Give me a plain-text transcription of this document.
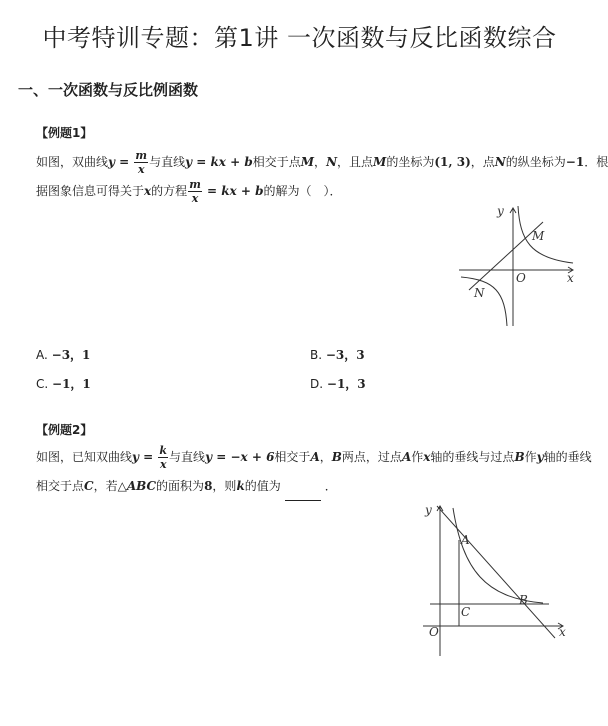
中考特训专题：第1讲 一次函数与反比函数综合
一、一次函数与反比例函数
【例题1】
如图，双曲线$y = \frac{m}{x}$ 与直线y = kx + b相交于点M，N，且点M的坐标为(1, 3)，点N的纵坐标为−1．根
据图象信息可得关于x的方程 $\frac{m}{x}$ = kx + b的解为（　）．
y
x
O
M
N
A. −3，1	B. −3，3
C. −1，1	D. −1，3
【例题2】
如图，已知双曲线$y = \frac{k}{x}$ 与直线y = −x + 6相交于A，B两点，过点A作x轴的垂线与过点B作y轴的垂线
相交于点C，若△ABC的面积为8，则k的值为	．
y
x
O
A
B
C
